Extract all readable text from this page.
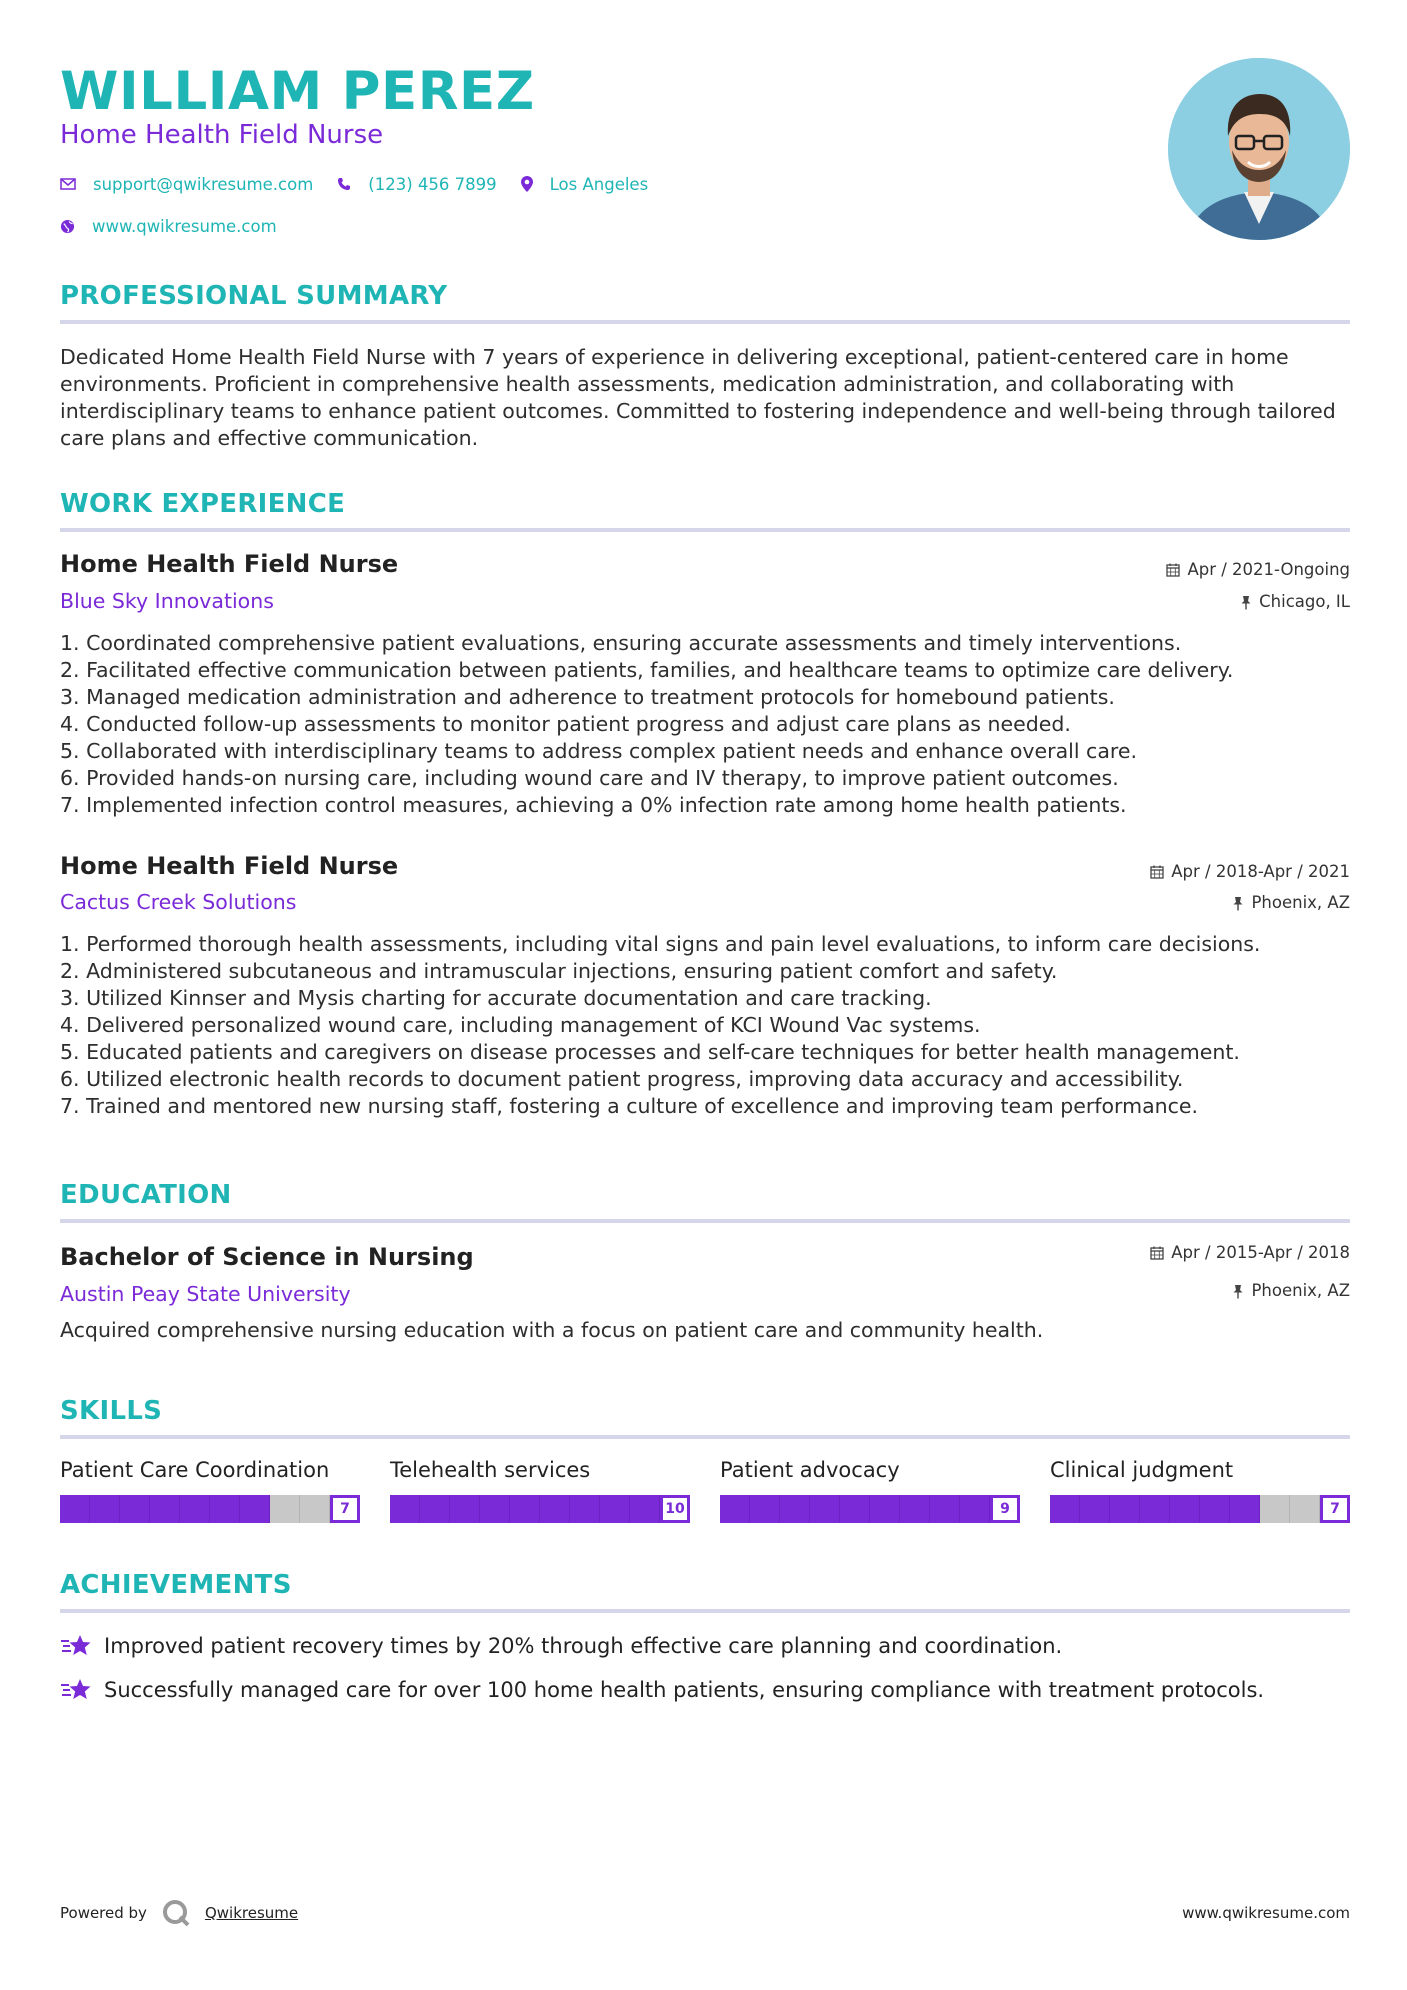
WILLIAM PEREZ
Home Health Field Nurse
support@qwikresume.com	(123) 456 7899	Los Angeles
www.qwikresume.com
PROFESSIONAL SUMMARY

Dedicated Home Health Field Nurse with 7 years of experience in delivering exceptional, patient-centered care in home environments. Proficient in comprehensive health assessments, medication administration, and collaborating with interdisciplinary teams to enhance patient outcomes. Committed to fostering independence and well-being through tailored care plans and effective communication.

WORK EXPERIENCE
Home Health Field Nurse
Blue Sky Innovations
Apr / 2021-Ongoing
Chicago, IL
1. Coordinated comprehensive patient evaluations, ensuring accurate assessments and timely interventions.
2. Facilitated effective communication between patients, families, and healthcare teams to optimize care delivery.
3. Managed medication administration and adherence to treatment protocols for homebound patients.
4. Conducted follow-up assessments to monitor patient progress and adjust care plans as needed.
5. Collaborated with interdisciplinary teams to address complex patient needs and enhance overall care.
6. Provided hands-on nursing care, including wound care and IV therapy, to improve patient outcomes.
7. Implemented infection control measures, achieving a 0% infection rate among home health patients.
Home Health Field Nurse
Cactus Creek Solutions
Apr / 2018-Apr / 2021
Phoenix, AZ
1. Performed thorough health assessments, including vital signs and pain level evaluations, to inform care decisions.
2. Administered subcutaneous and intramuscular injections, ensuring patient comfort and safety.
3. Utilized Kinnser and Mysis charting for accurate documentation and care tracking.
4. Delivered personalized wound care, including management of KCI Wound Vac systems.
5. Educated patients and caregivers on disease processes and self-care techniques for better health management.
6. Utilized electronic health records to document patient progress, improving data accuracy and accessibility.
7. Trained and mentored new nursing staff, fostering a culture of excellence and improving team performance.
EDUCATION
Bachelor of Science in Nursing
Austin Peay State University
Apr / 2015-Apr / 2018
Phoenix, AZ

Acquired comprehensive nursing education with a focus on patient care and community health.

SKILLS
Patient Care Coordination
7
Telehealth services
10
Patient advocacy
9
Clinical judgment
7
ACHIEVEMENTS
Improved patient recovery times by 20% through effective care planning and coordination.
Successfully managed care for over 100 home health patients, ensuring compliance with treatment protocols.
Powered by	Qwikresume	www.qwikresume.com
